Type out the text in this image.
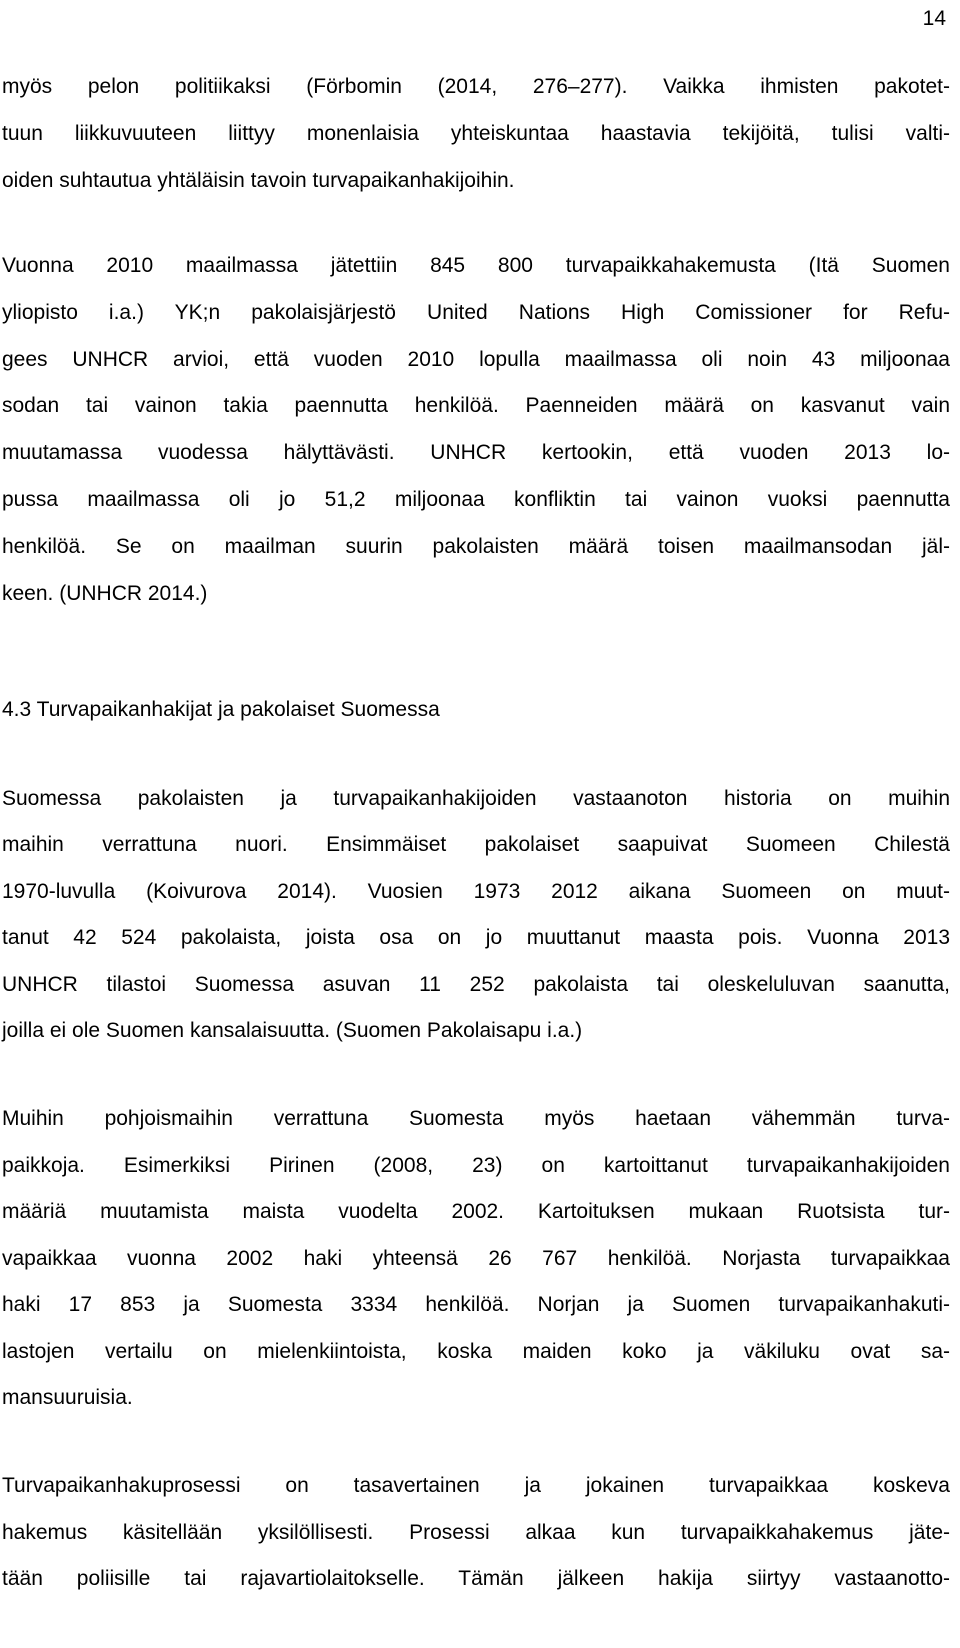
14
myös pelon politiikaksi (Förbomin (2014, 276–277). Vaikka ihmisten pakotet-
tuun liikkuvuuteen liittyy monenlaisia yhteiskuntaa haastavia tekijöitä, tulisi valti-
oiden suhtautua yhtäläisin tavoin turvapaikanhakijoihin.
Vuonna 2010 maailmassa jätettiin 845 800 turvapaikkahakemusta (Itä Suomen
yliopisto i.a.) YK;n pakolaisjärjestö United Nations High Comissioner for Refu-
gees UNHCR arvioi, että vuoden 2010 lopulla maailmassa oli noin 43 miljoonaa
sodan tai vainon takia paennutta henkilöä. Paenneiden määrä on kasvanut vain
muutamassa vuodessa hälyttävästi. UNHCR kertookin, että vuoden 2013 lo-
pussa maailmassa oli jo 51,2 miljoonaa konfliktin tai vainon vuoksi paennutta
henkilöä. Se on maailman suurin pakolaisten määrä toisen maailmansodan jäl-
keen. (UNHCR 2014.)
4.3 Turvapaikanhakijat ja pakolaiset Suomessa
Suomessa pakolaisten ja turvapaikanhakijoiden vastaanoton historia on muihin
maihin verrattuna nuori. Ensimmäiset pakolaiset saapuivat Suomeen Chilestä
1970-luvulla (Koivurova 2014). Vuosien 1973 2012 aikana Suomeen on muut-
tanut 42 524 pakolaista, joista osa on jo muuttanut maasta pois. Vuonna 2013
UNHCR tilastoi Suomessa asuvan 11 252 pakolaista tai oleskeluluvan saanutta,
joilla ei ole Suomen kansalaisuutta. (Suomen Pakolaisapu i.a.)
Muihin pohjoismaihin verrattuna Suomesta myös haetaan vähemmän turva-
paikkoja. Esimerkiksi Pirinen (2008, 23) on kartoittanut turvapaikanhakijoiden
määriä muutamista maista vuodelta 2002. Kartoituksen mukaan Ruotsista tur-
vapaikkaa vuonna 2002 haki yhteensä 26 767 henkilöä. Norjasta turvapaikkaa
haki 17 853 ja Suomesta 3334 henkilöä. Norjan ja Suomen turvapaikanhakuti-
lastojen vertailu on mielenkiintoista, koska maiden koko ja väkiluku ovat sa-
mansuuruisia.
Turvapaikanhakuprosessi on tasavertainen ja jokainen turvapaikkaa koskeva
hakemus käsitellään yksilöllisesti. Prosessi alkaa kun turvapaikkahakemus jäte-
tään poliisille tai rajavartiolaitokselle. Tämän jälkeen hakija siirtyy vastaanotto-
